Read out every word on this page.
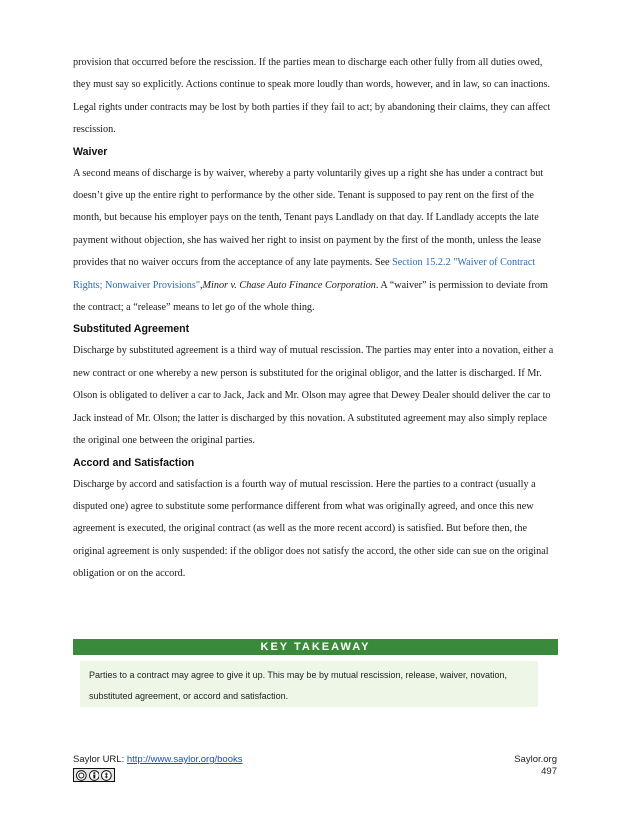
provision that occurred before the rescission. If the parties mean to discharge each other fully from all duties owed, they must say so explicitly. Actions continue to speak more loudly than words, however, and in law, so can inactions. Legal rights under contracts may be lost by both parties if they fail to act; by abandoning their claims, they can affect rescission.

Waiver

A second means of discharge is by waiver, whereby a party voluntarily gives up a right she has under a contract but doesn’t give up the entire right to performance by the other side. Tenant is supposed to pay rent on the first of the month, but because his employer pays on the tenth, Tenant pays Landlady on that day. If Landlady accepts the late payment without objection, she has waived her right to insist on payment by the first of the month, unless the lease provides that no waiver occurs from the acceptance of any late payments. See Section 15.2.2 "Waiver of Contract Rights; Nonwaiver Provisions",Minor v. Chase Auto Finance Corporation. A “waiver” is permission to deviate from the contract; a “release” means to let go of the whole thing.

Substituted Agreement

Discharge by substituted agreement is a third way of mutual rescission. The parties may enter into a novation, either a new contract or one whereby a new person is substituted for the original obligor, and the latter is discharged. If Mr. Olson is obligated to deliver a car to Jack, Jack and Mr. Olson may agree that Dewey Dealer should deliver the car to Jack instead of Mr. Olson; the latter is discharged by this novation. A substituted agreement may also simply replace the original one between the original parties.

Accord and Satisfaction

Discharge by accord and satisfaction is a fourth way of mutual rescission. Here the parties to a contract (usually a disputed one) agree to substitute some performance different from what was originally agreed, and once this new agreement is executed, the original contract (as well as the more recent accord) is satisfied. But before then, the original agreement is only suspended: if the obligor does not satisfy the accord, the other side can sue on the original obligation or on the accord.

KEY TAKEAWAY
Parties to a contract may agree to give it up. This may be by mutual rescission, release, waiver, novation, substituted agreement, or accord and satisfaction.
Saylor URL: http://www.saylor.org/books	Saylor.org
497
